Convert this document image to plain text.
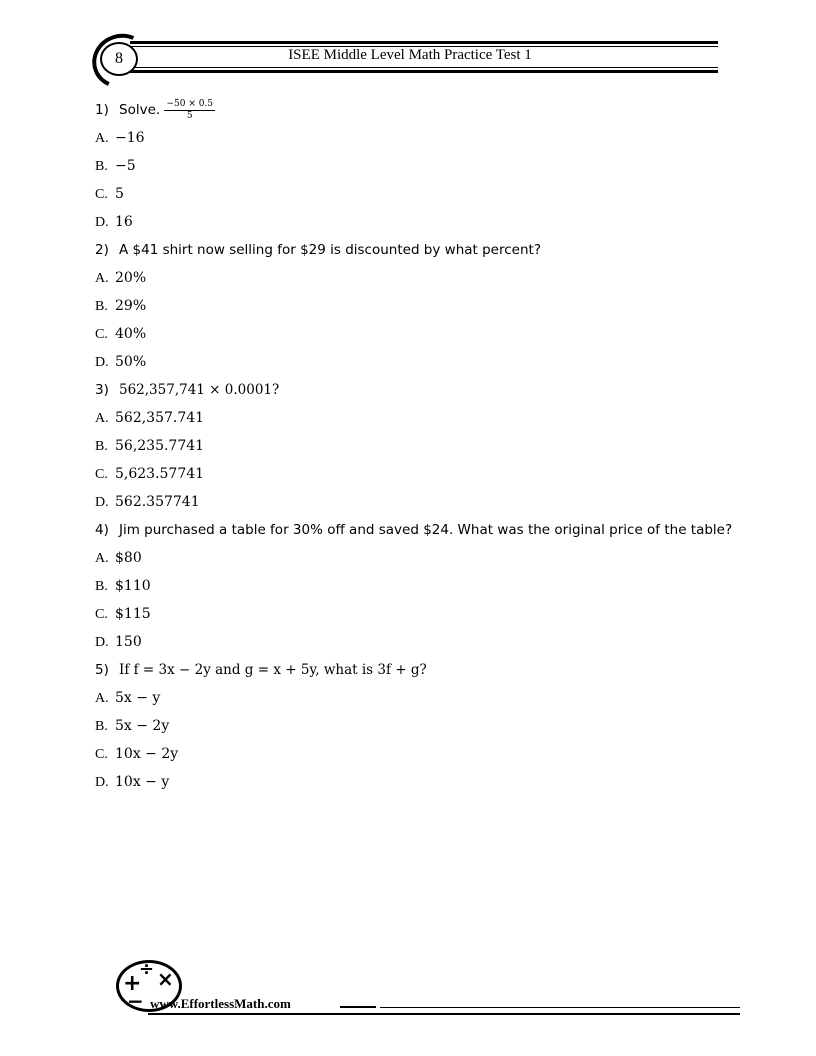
8	ISEE Middle Level Math Practice Test 1
1) Solve. $\frac{-50 \times 0.5}{5}$
A. −16
B. −5
C. 5
D. 16
2) A $41 shirt now selling for $29 is discounted by what percent?
A. 20%
B. 29%
C. 40%
D. 50%
3) 562,357,741 × 0.0001?
A. 562,357.741
B. 56,235.7741
C. 5,623.57741
D. 562.357741
4) Jim purchased a table for 30% off and saved $24. What was the original price of the table?
A. $80
B. $110
C. $115
D. 150
5) If f = 3x − 2y and g = x + 5y, what is 3f + g?
A. 5x − y
B. 5x − 2y
C. 10x − 2y
D. 10x − y
+
÷ ×
− www.EffortlessMath.com
